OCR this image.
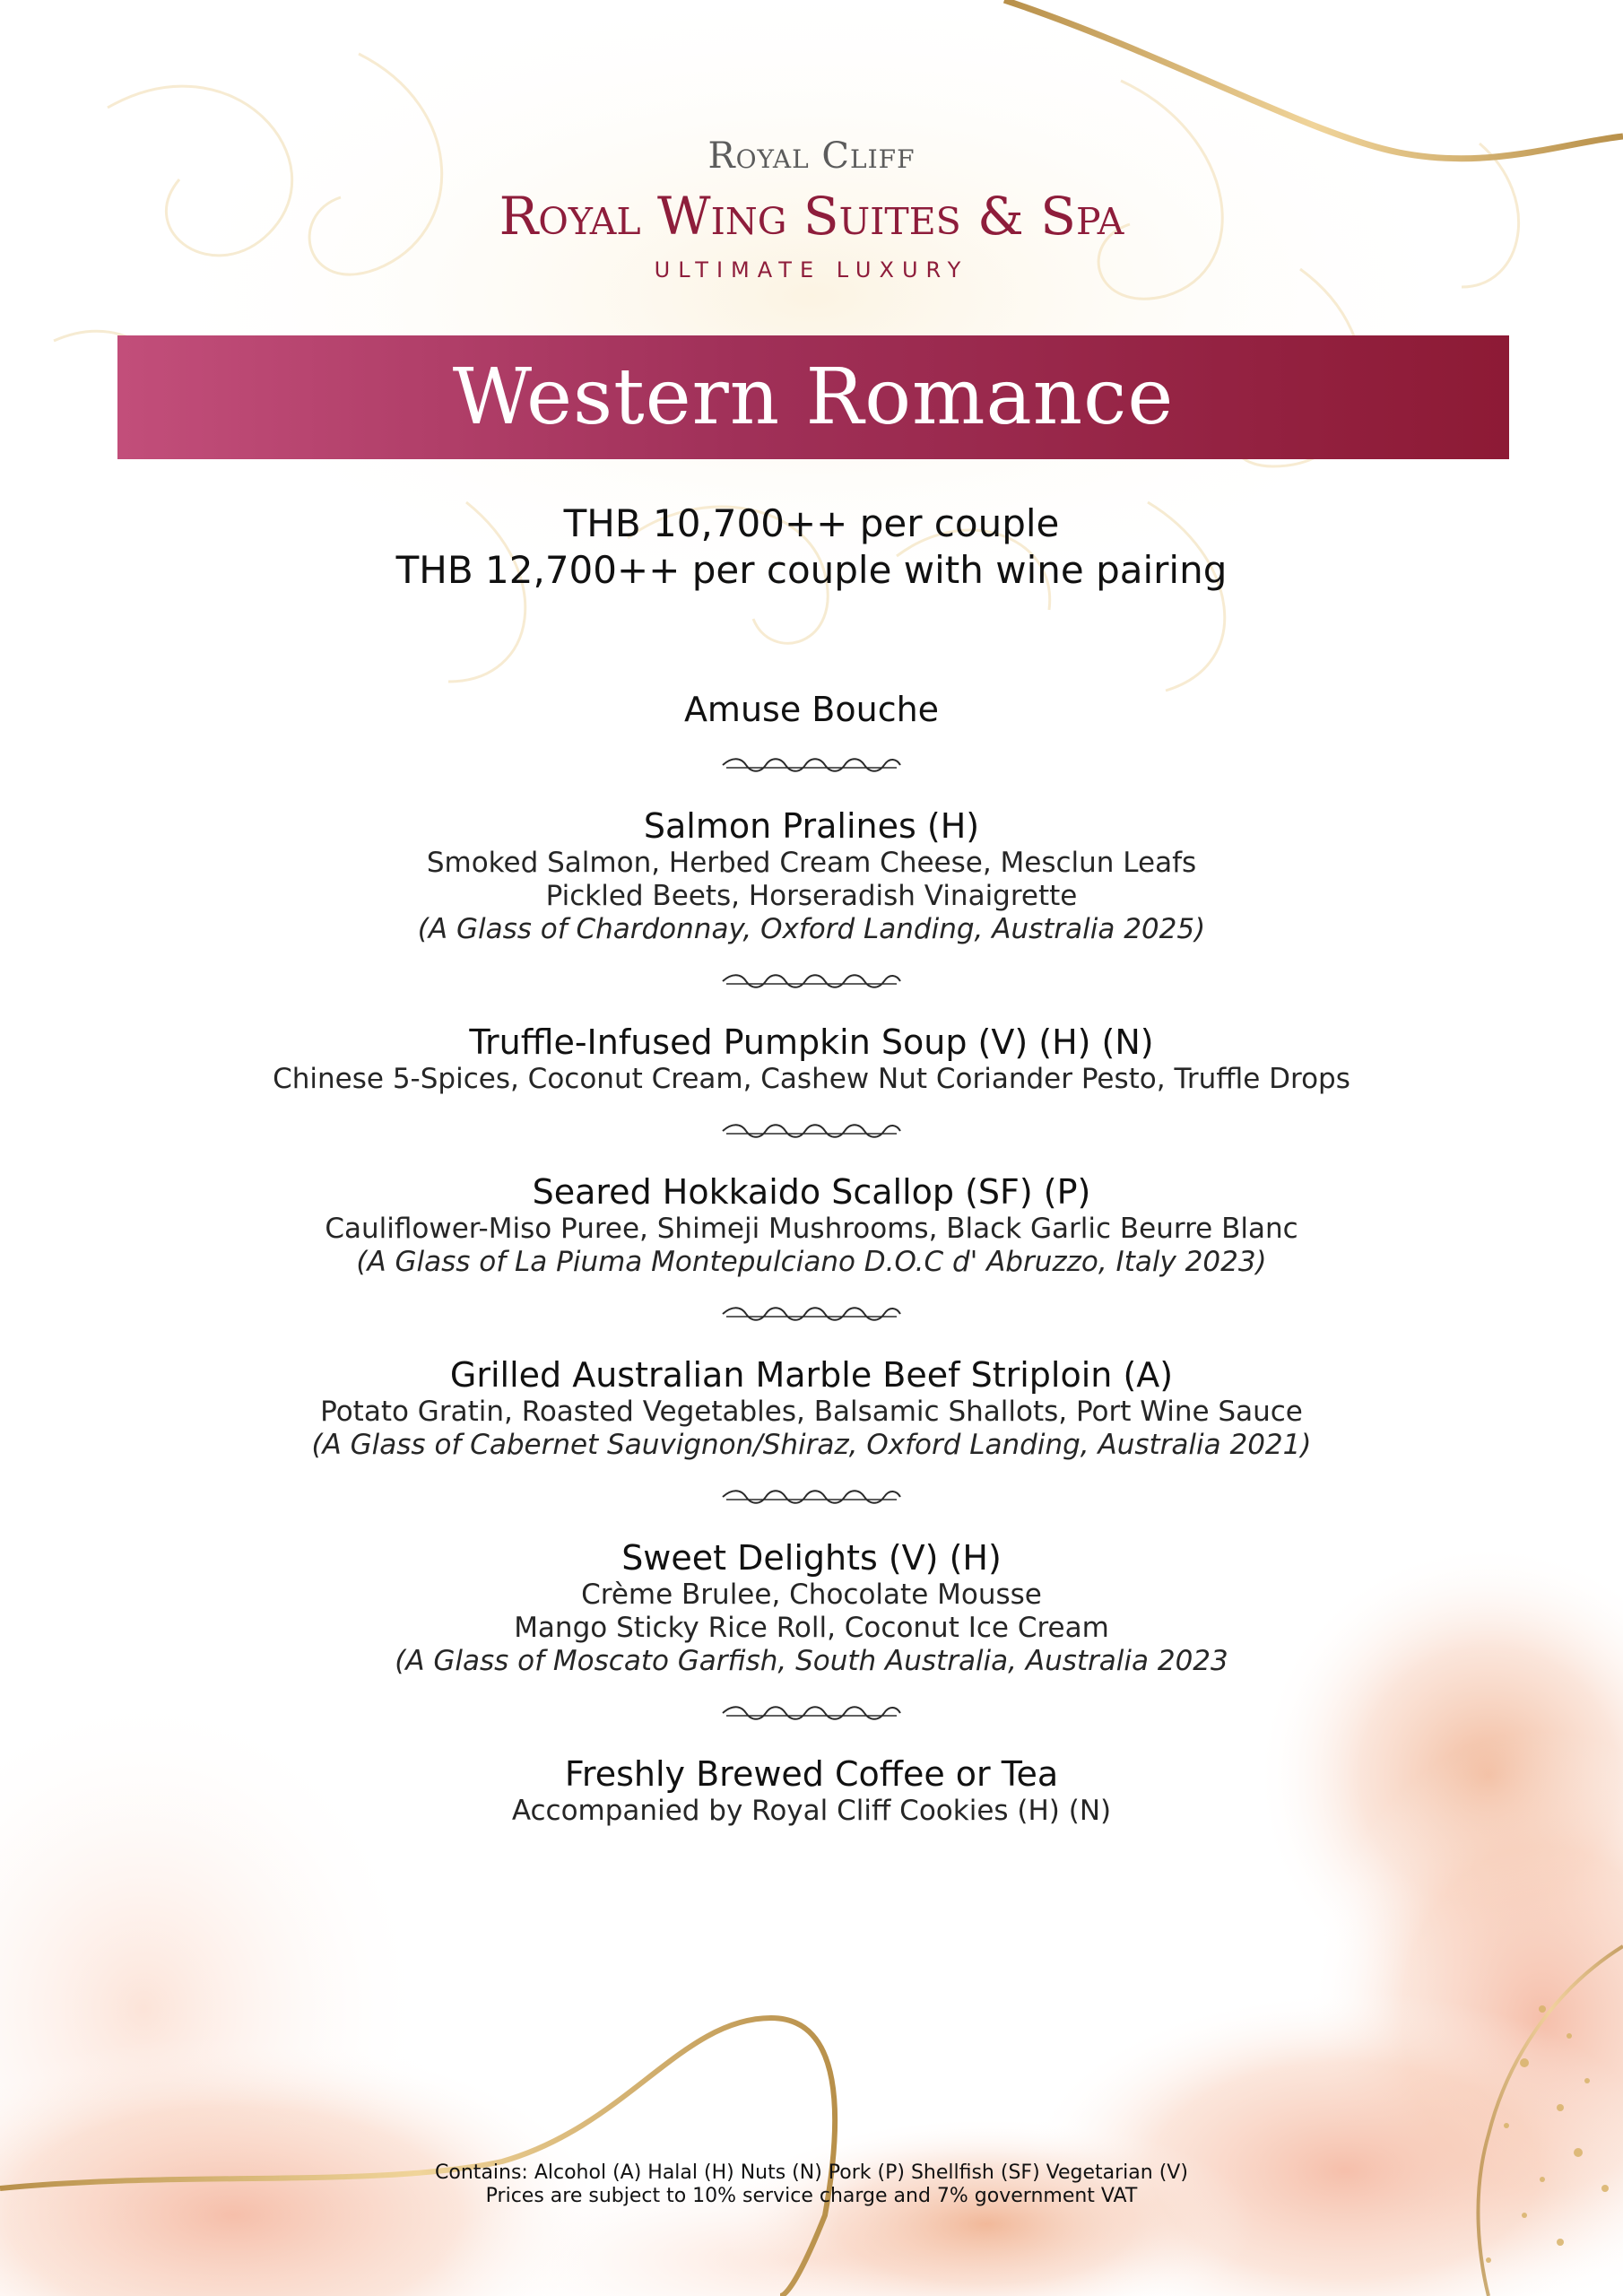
Royal Cliff
Royal Wing Suites & Spa
ULTIMATE LUXURY
Western Romance
THB 10,700++ per couple
THB 12,700++ per couple with wine pairing
Amuse Bouche
Salmon Pralines (H)
Smoked Salmon, Herbed Cream Cheese, Mesclun Leafs
Pickled Beets, Horseradish Vinaigrette
(A Glass of Chardonnay, Oxford Landing, Australia 2025)
Truffle-Infused Pumpkin Soup (V) (H) (N)
Chinese 5-Spices, Coconut Cream, Cashew Nut Coriander Pesto, Truffle Drops
Seared Hokkaido Scallop (SF) (P)
Cauliflower-Miso Puree, Shimeji Mushrooms, Black Garlic Beurre Blanc
(A Glass of La Piuma Montepulciano D.O.C d' Abruzzo, Italy 2023)
Grilled Australian Marble Beef Striploin (A)
Potato Gratin, Roasted Vegetables, Balsamic Shallots, Port Wine Sauce
(A Glass of Cabernet Sauvignon/Shiraz, Oxford Landing, Australia 2021)
Sweet Delights (V) (H)
Crème Brulee, Chocolate Mousse
Mango Sticky Rice Roll, Coconut Ice Cream
(A Glass of Moscato Garfish, South Australia, Australia 2023
Freshly Brewed Coffee or Tea
Accompanied by Royal Cliff Cookies (H) (N)
Contains: Alcohol (A) Halal (H) Nuts (N) Pork (P) Shellfish (SF) Vegetarian (V)
Prices are subject to 10% service charge and 7% government VAT
